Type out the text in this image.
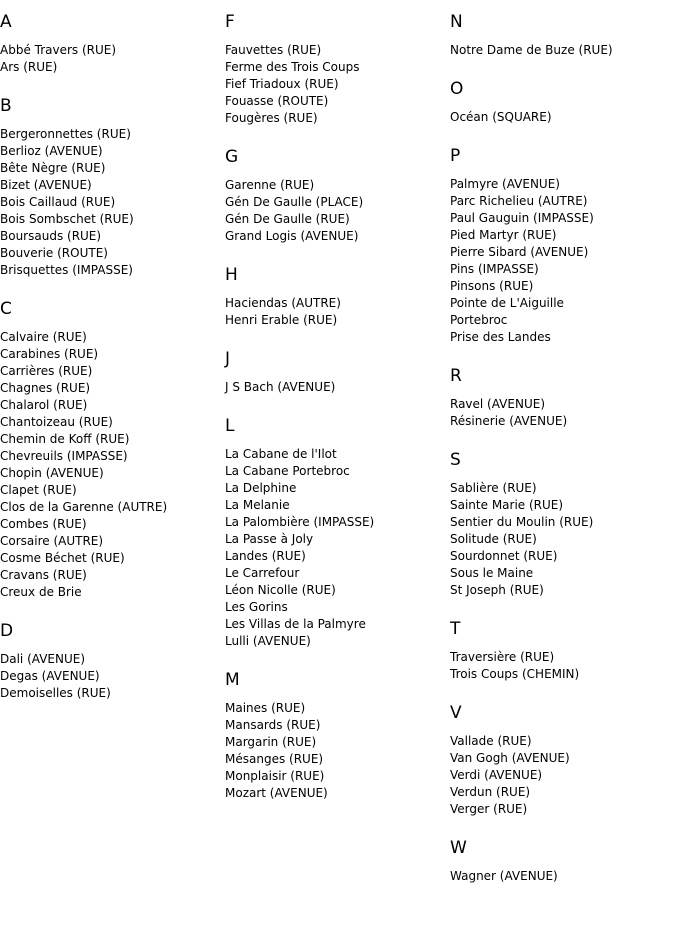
A
Abbé Travers (RUE)
Ars (RUE)
B
Bergeronnettes (RUE)
Berlioz (AVENUE)
Bête Nègre (RUE)
Bizet (AVENUE)
Bois Caillaud (RUE)
Bois Sombschet (RUE)
Boursauds (RUE)
Bouverie (ROUTE)
Brisquettes (IMPASSE)
C
Calvaire (RUE)
Carabines (RUE)
Carrières (RUE)
Chagnes (RUE)
Chalarol (RUE)
Chantoizeau (RUE)
Chemin de Koff (RUE)
Chevreuils (IMPASSE)
Chopin (AVENUE)
Clapet (RUE)
Clos de la Garenne (AUTRE)
Combes (RUE)
Corsaire (AUTRE)
Cosme Béchet (RUE)
Cravans (RUE)
Creux de Brie
D
Dali (AVENUE)
Degas (AVENUE)
Demoiselles (RUE)
F
Fauvettes (RUE)
Ferme des Trois Coups
Fief Triadoux (RUE)
Fouasse (ROUTE)
Fougères (RUE)
G
Garenne (RUE)
Gén De Gaulle (PLACE)
Gén De Gaulle (RUE)
Grand Logis (AVENUE)
H
Haciendas (AUTRE)
Henri Erable (RUE)
J
J S Bach (AVENUE)
L
La Cabane de l'Ilot
La Cabane Portebroc
La Delphine
La Melanie
La Palombière (IMPASSE)
La Passe à Joly
Landes (RUE)
Le Carrefour
Léon Nicolle (RUE)
Les Gorins
Les Villas de la Palmyre
Lulli (AVENUE)
M
Maines (RUE)
Mansards (RUE)
Margarin (RUE)
Mésanges (RUE)
Monplaisir (RUE)
Mozart (AVENUE)
N
Notre Dame de Buze (RUE)
O
Océan (SQUARE)
P
Palmyre (AVENUE)
Parc Richelieu (AUTRE)
Paul Gauguin (IMPASSE)
Pied Martyr (RUE)
Pierre Sibard (AVENUE)
Pins (IMPASSE)
Pinsons (RUE)
Pointe de L'Aiguille
Portebroc
Prise des Landes
R
Ravel (AVENUE)
Résinerie (AVENUE)
S
Sablière (RUE)
Sainte Marie (RUE)
Sentier du Moulin (RUE)
Solitude (RUE)
Sourdonnet (RUE)
Sous le Maine
St Joseph (RUE)
T
Traversière (RUE)
Trois Coups (CHEMIN)
V
Vallade (RUE)
Van Gogh (AVENUE)
Verdi (AVENUE)
Verdun (RUE)
Verger (RUE)
W
Wagner (AVENUE)
